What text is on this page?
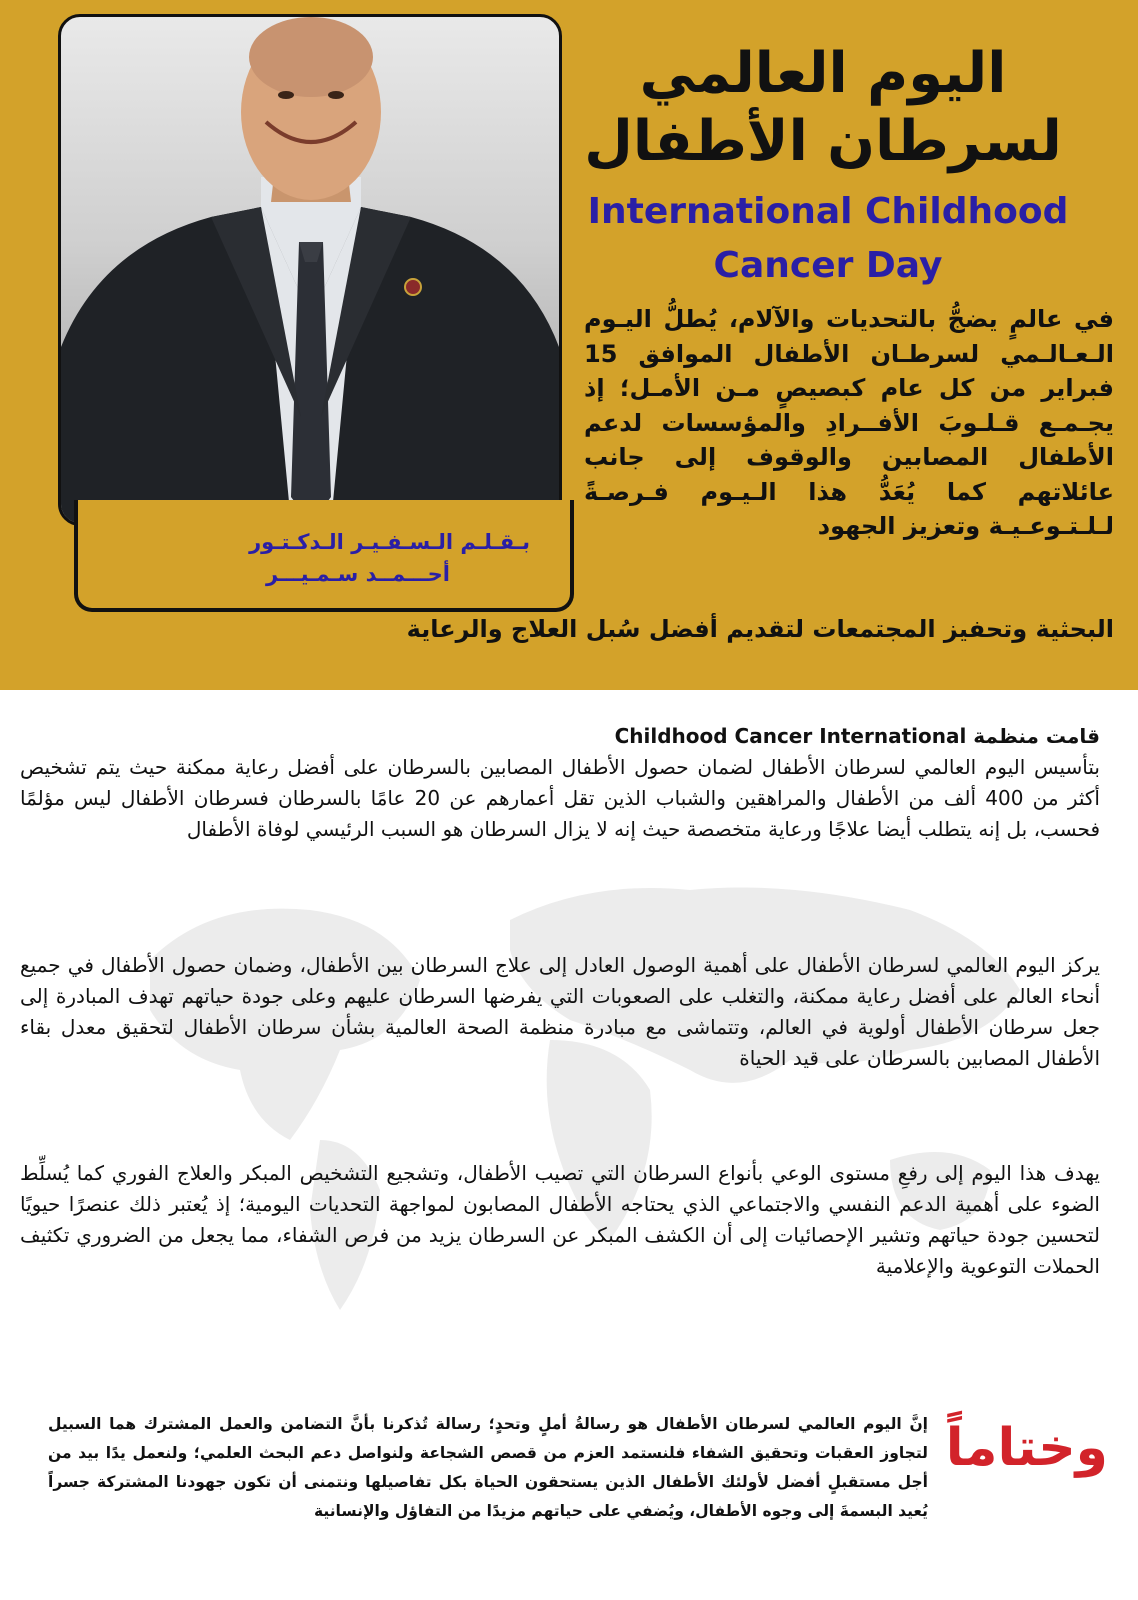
بـقـلـم الـسـفـيـر الـدكـتـور
أحـــمــد سـمـيـــر
اليوم العالمي
لسرطان الأطفال
International Childhood
Cancer Day
في عالمٍ يضجُّ بالتحديات والآلام، يُطلُّ اليـوم الـعـالـمي لسرطـان الأطفال الموافق 15 فبراير من كل عام كبصيصٍ مـن الأمـل؛ إذ يجـمـع قـلـوبَ الأفــرادِ والمؤسسات لدعم الأطفال المصابين والوقوف إلى جانب عائلاتهم كما يُعَدُّ هذا الـيـوم فـرصـةً لـلـتـوعـيـة وتعزيز الجهود
البحثية وتحفيز المجتمعات لتقديم أفضل سُبل العلاج والرعاية
قامت منظمة Childhood Cancer International
بتأسيس اليوم العالمي لسرطان الأطفال لضمان حصول الأطفال المصابين بالسرطان على أفضل رعاية ممكنة حيث يتم تشخيص أكثر من 400 ألف من الأطفال والمراهقين والشباب الذين تقل أعمارهم عن 20 عامًا بالسرطان فسرطان الأطفال ليس مؤلمًا فحسب، بل إنه يتطلب أيضا علاجًا ورعاية متخصصة حيث إنه لا يزال السرطان هو السبب الرئيسي لوفاة الأطفال
يركز اليوم العالمي لسرطان الأطفال على أهمية الوصول العادل إلى علاج السرطان بين الأطفال، وضمان حصول الأطفال في جميع أنحاء العالم على أفضل رعاية ممكنة، والتغلب على الصعوبات التي يفرضها السرطان عليهم وعلى جودة حياتهم تهدف المبادرة إلى جعل سرطان الأطفال أولوية في العالم، وتتماشى مع مبادرة منظمة الصحة العالمية بشأن سرطان الأطفال لتحقيق معدل بقاء الأطفال المصابين بالسرطان على قيد الحياة
يهدف هذا اليوم إلى رفعِ مستوى الوعي بأنواع السرطان التي تصيب الأطفال، وتشجيع التشخيص المبكر والعلاج الفوري كما يُسلِّط الضوء على أهمية الدعم النفسي والاجتماعي الذي يحتاجه الأطفال المصابون لمواجهة التحديات اليومية؛ إذ يُعتبر ذلك عنصرًا حيويًا لتحسين جودة حياتهم وتشير الإحصائيات إلى أن الكشف المبكر عن السرطان يزيد من فرص الشفاء، مما يجعل من الضروري تكثيف الحملات التوعوية والإعلامية
وختاماً
إنَّ اليوم العالمي لسرطان الأطفال هو رسالةُ أملٍ وتحدٍ؛ رسالة تُذكرنا بأنَّ التضامن والعمل المشترك هما السبيل لتجاوز العقبات وتحقيق الشفاء فلنستمد العزم من قصص الشجاعة ولنواصل دعم البحث العلمي؛ ولنعمل يدًا بيد من أجل مستقبلٍ أفضل لأولئك الأطفال الذين يستحقون الحياة بكل تفاصيلها ونتمنى أن تكون جهودنا المشتركة جسراً يُعيد البسمةَ إلى وجوه الأطفال، ويُضفي على حياتهم مزيدًا من التفاؤل والإنسانية
